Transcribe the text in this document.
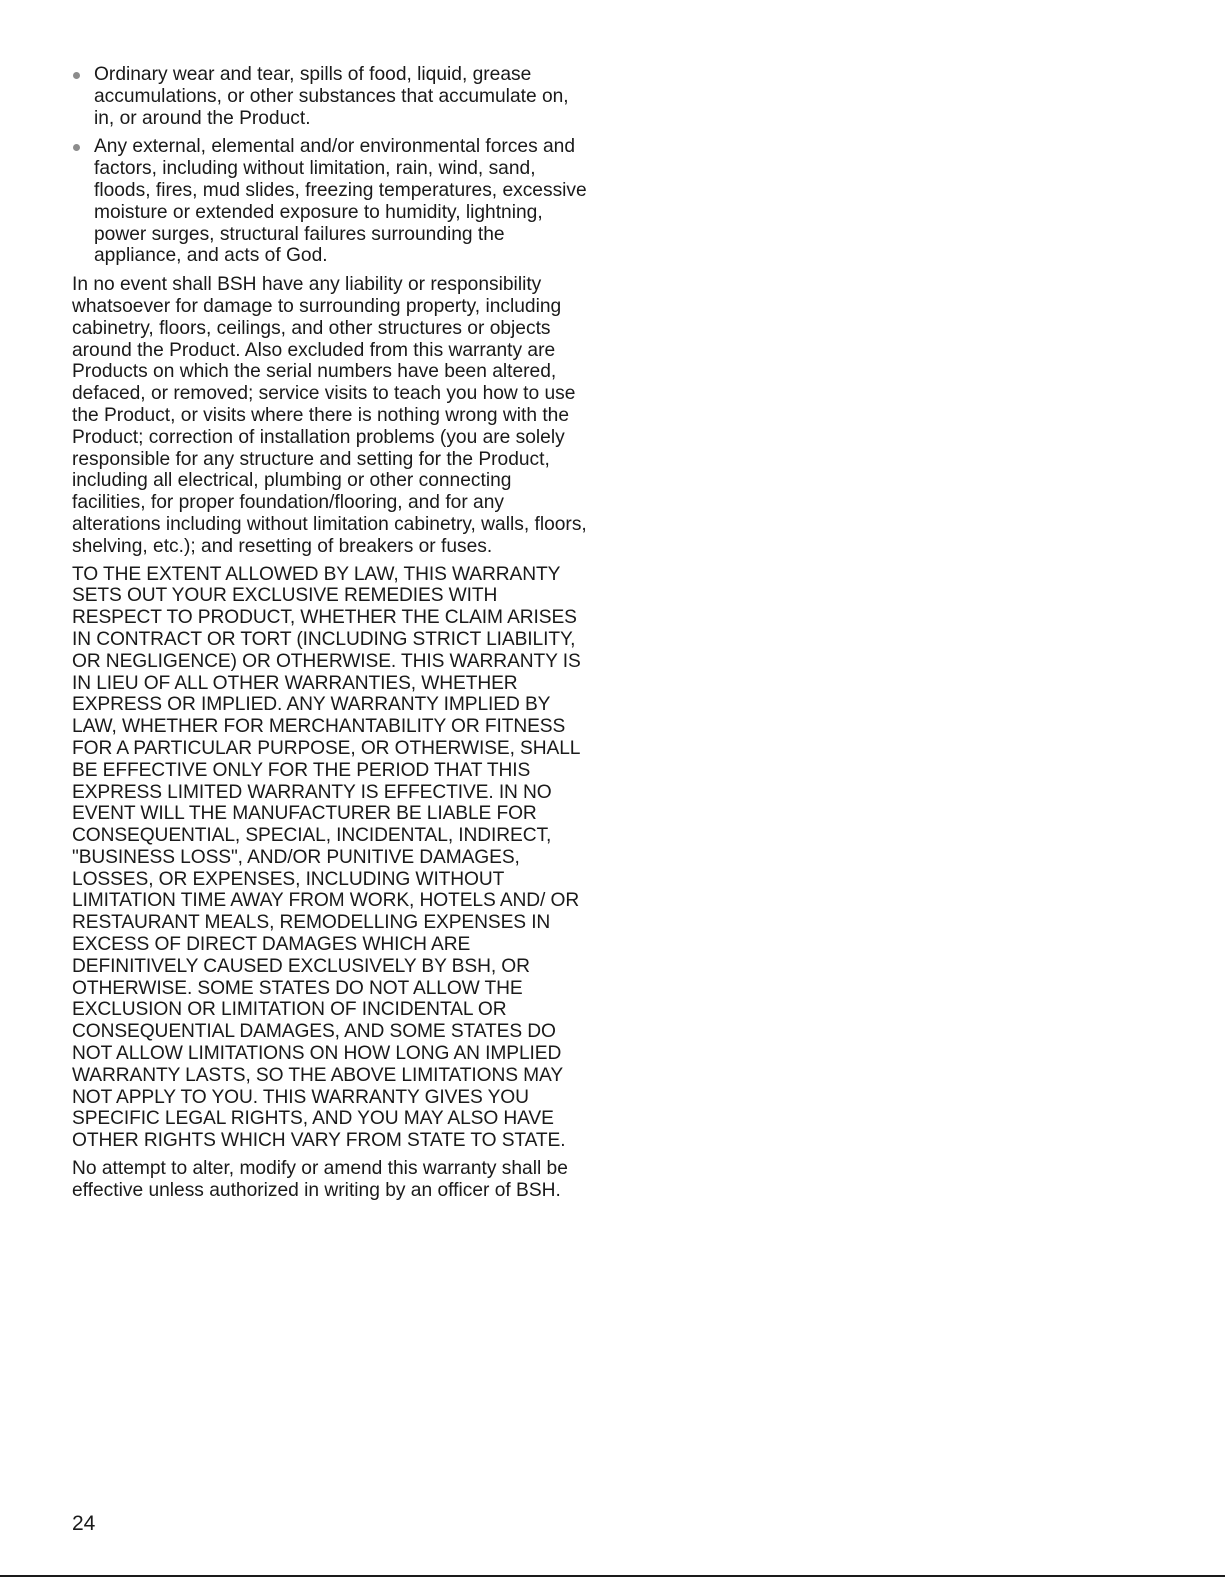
Ordinary wear and tear, spills of food, liquid, grease accumulations, or other substances that accumulate on, in, or around the Product.
Any external, elemental and/or environmental forces and factors, including without limitation, rain, wind, sand, floods, fires, mud slides, freezing temperatures, excessive moisture or extended exposure to humidity, lightning, power surges, structural failures surrounding the appliance, and acts of God.

In no event shall BSH have any liability or responsibility whatsoever for damage to surrounding property, including cabinetry, floors, ceilings, and other structures or objects around the Product. Also excluded from this warranty are Products on which the serial numbers have been altered, defaced, or removed; service visits to teach you how to use the Product, or visits where there is nothing wrong with the Product; correction of installation problems (you are solely responsible for any structure and setting for the Product, including all electrical, plumbing or other connecting facilities, for proper foundation/flooring, and for any alterations including without limitation cabinetry, walls, floors, shelving, etc.); and resetting of breakers or fuses.

TO THE EXTENT ALLOWED BY LAW, THIS WARRANTY SETS OUT YOUR EXCLUSIVE REMEDIES WITH RESPECT TO PRODUCT, WHETHER THE CLAIM ARISES IN CONTRACT OR TORT (INCLUDING STRICT LIABILITY, OR NEGLIGENCE) OR OTHERWISE. THIS WARRANTY IS IN LIEU OF ALL OTHER WARRANTIES, WHETHER EXPRESS OR IMPLIED. ANY WARRANTY IMPLIED BY LAW, WHETHER FOR MERCHANTABILITY OR FITNESS FOR A PARTICULAR PURPOSE, OR OTHERWISE, SHALL BE EFFECTIVE ONLY FOR THE PERIOD THAT THIS EXPRESS LIMITED WARRANTY IS EFFECTIVE. IN NO EVENT WILL THE MANUFACTURER BE LIABLE FOR CONSEQUENTIAL, SPECIAL, INCIDENTAL, INDIRECT, "BUSINESS LOSS", AND/OR PUNITIVE DAMAGES, LOSSES, OR EXPENSES, INCLUDING WITHOUT LIMITATION TIME AWAY FROM WORK, HOTELS AND/ OR RESTAURANT MEALS, REMODELLING EXPENSES IN EXCESS OF DIRECT DAMAGES WHICH ARE DEFINITIVELY CAUSED EXCLUSIVELY BY BSH, OR OTHERWISE. SOME STATES DO NOT ALLOW THE EXCLUSION OR LIMITATION OF INCIDENTAL OR CONSEQUENTIAL DAMAGES, AND SOME STATES DO NOT ALLOW LIMITATIONS ON HOW LONG AN IMPLIED WARRANTY LASTS, SO THE ABOVE LIMITATIONS MAY NOT APPLY TO YOU. THIS WARRANTY GIVES YOU SPECIFIC LEGAL RIGHTS, AND YOU MAY ALSO HAVE OTHER RIGHTS WHICH VARY FROM STATE TO STATE.

No attempt to alter, modify or amend this warranty shall be effective unless authorized in writing by an officer of BSH.

24
